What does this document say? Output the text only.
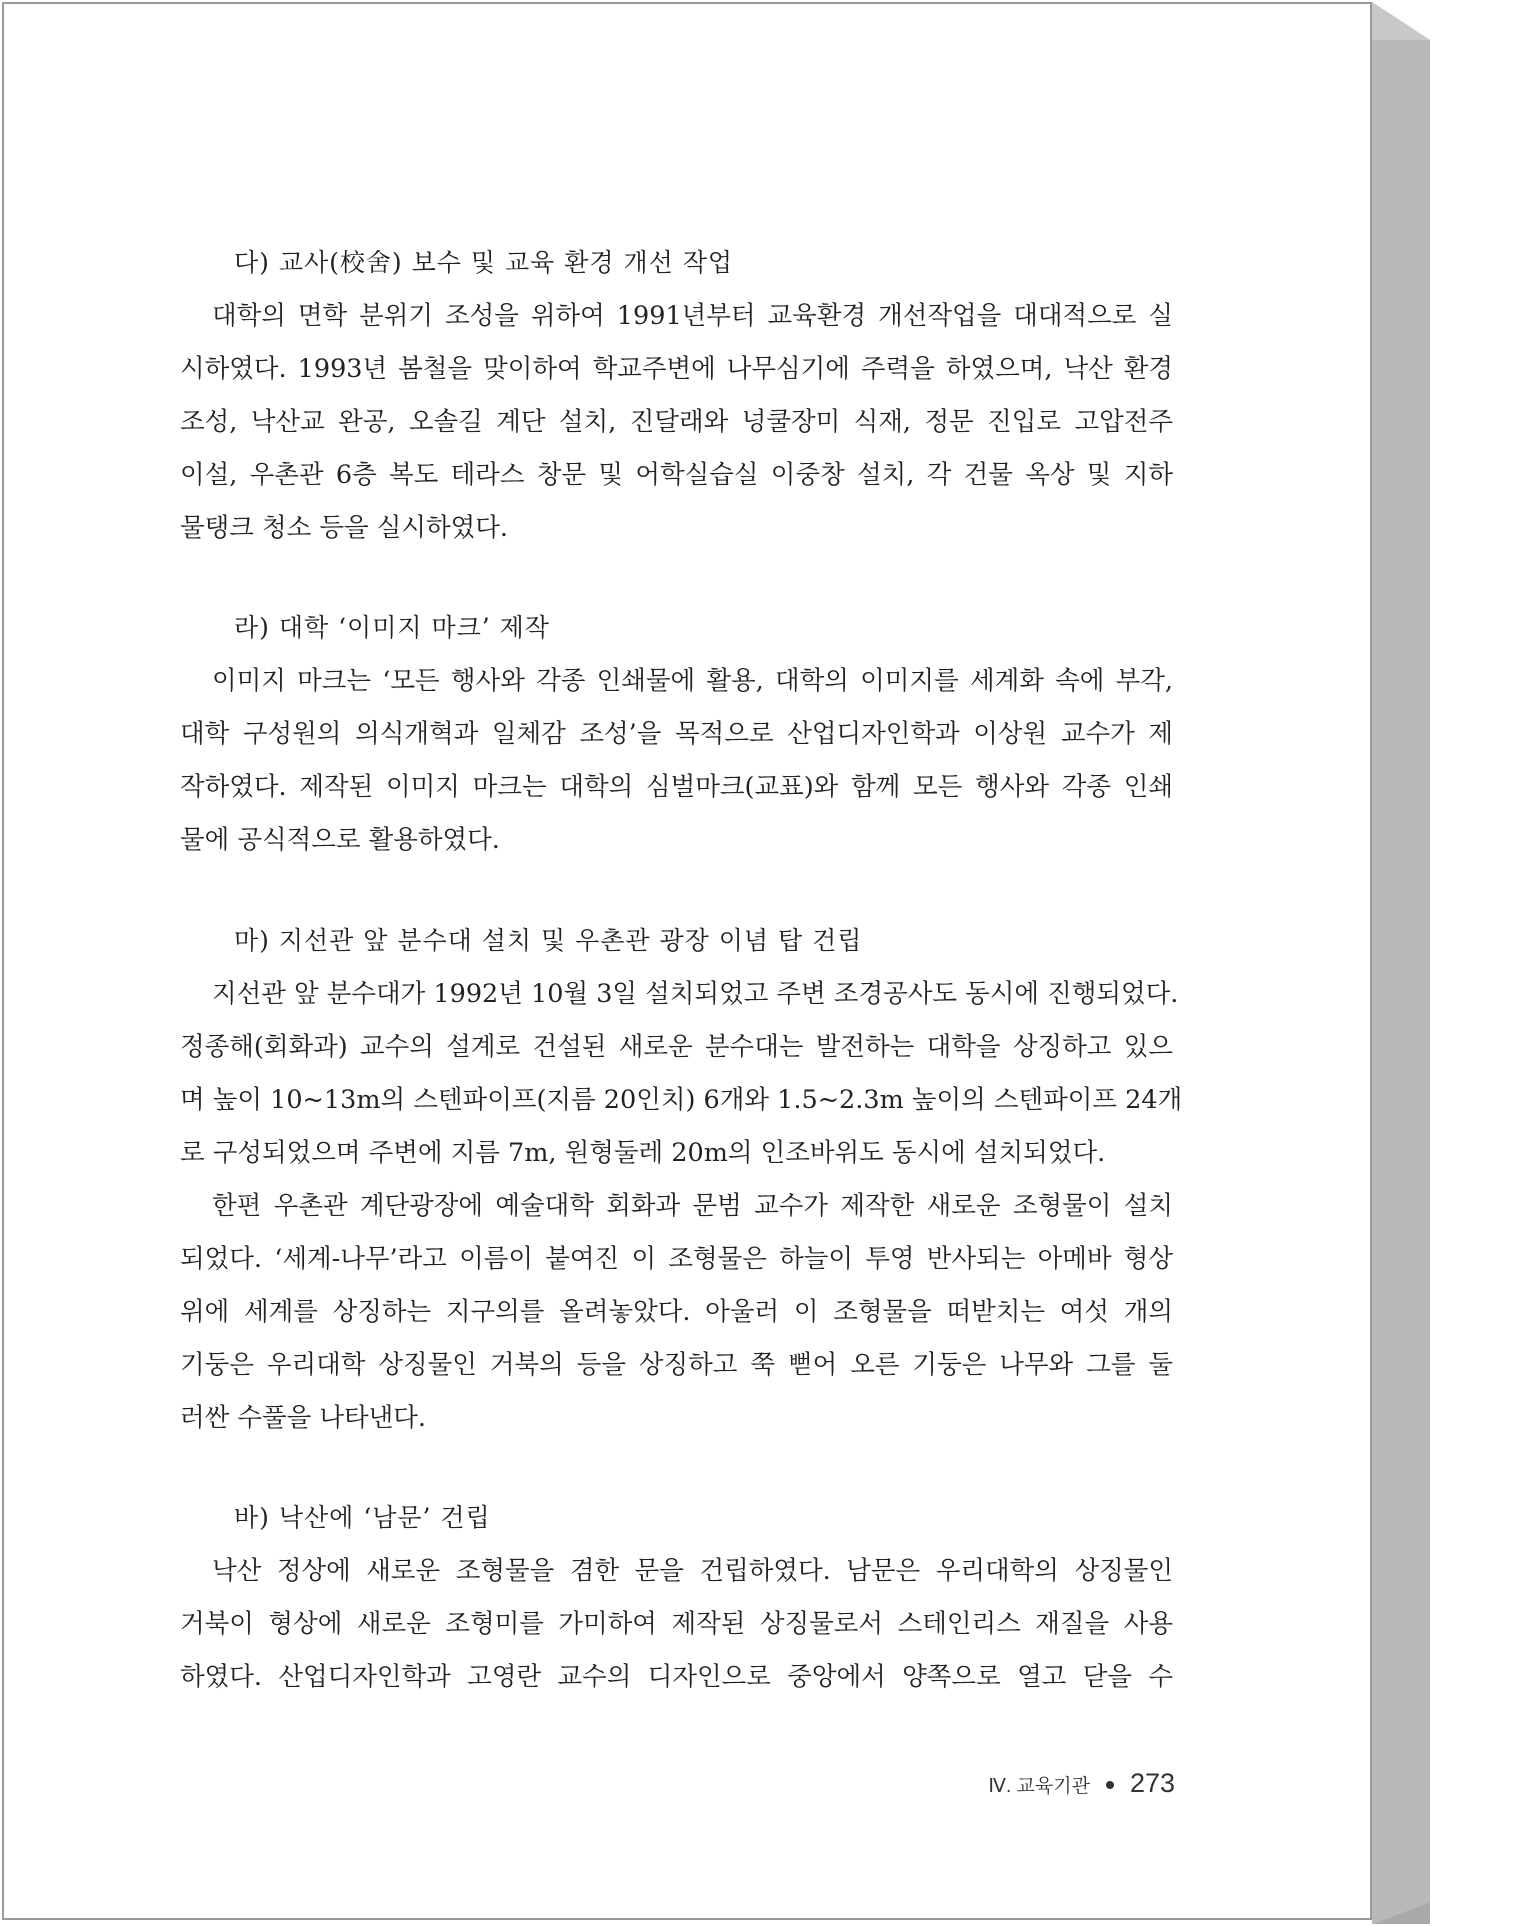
다) 교사(校舍) 보수 및 교육 환경 개선 작업
대학의 면학 분위기 조성을 위하여 1991년부터 교육환경 개선작업을 대대적으로 실
시하였다. 1993년 봄철을 맞이하여 학교주변에 나무심기에 주력을 하였으며, 낙산 환경
조성, 낙산교 완공, 오솔길 계단 설치, 진달래와 넝쿨장미 식재, 정문 진입로 고압전주
이설, 우촌관 6층 복도 테라스 창문 및 어학실습실 이중창 설치, 각 건물 옥상 및 지하
물탱크 청소 등을 실시하였다.
라) 대학 ‘이미지 마크’ 제작
이미지 마크는 ‘모든 행사와 각종 인쇄물에 활용, 대학의 이미지를 세계화 속에 부각,
대학 구성원의 의식개혁과 일체감 조성’을 목적으로 산업디자인학과 이상원 교수가 제
작하였다. 제작된 이미지 마크는 대학의 심벌마크(교표)와 함께 모든 행사와 각종 인쇄
물에 공식적으로 활용하였다.
마) 지선관 앞 분수대 설치 및 우촌관 광장 이념 탑 건립
지선관 앞 분수대가 1992년 10월 3일 설치되었고 주변 조경공사도 동시에 진행되었다.
정종해(회화과) 교수의 설계로 건설된 새로운 분수대는 발전하는 대학을 상징하고 있으
며 높이 10~13m의 스텐파이프(지름 20인치) 6개와 1.5~2.3m 높이의 스텐파이프 24개
로 구성되었으며 주변에 지름 7m, 원형둘레 20m의 인조바위도 동시에 설치되었다.
한편 우촌관 계단광장에 예술대학 회화과 문범 교수가 제작한 새로운 조형물이 설치
되었다. ‘세계-나무’라고 이름이 붙여진 이 조형물은 하늘이 투영 반사되는 아메바 형상
위에 세계를 상징하는 지구의를 올려놓았다. 아울러 이 조형물을 떠받치는 여섯 개의
기둥은 우리대학 상징물인 거북의 등을 상징하고 쭉 뻗어 오른 기둥은 나무와 그를 둘
러싼 수풀을 나타낸다.
바) 낙산에 ‘남문’ 건립
낙산 정상에 새로운 조형물을 겸한 문을 건립하였다. 남문은 우리대학의 상징물인
거북이 형상에 새로운 조형미를 가미하여 제작된 상징물로서 스테인리스 재질을 사용
하였다. 산업디자인학과 고영란 교수의 디자인으로 중앙에서 양쪽으로 열고 닫을 수
Ⅳ. 교육기관 273
